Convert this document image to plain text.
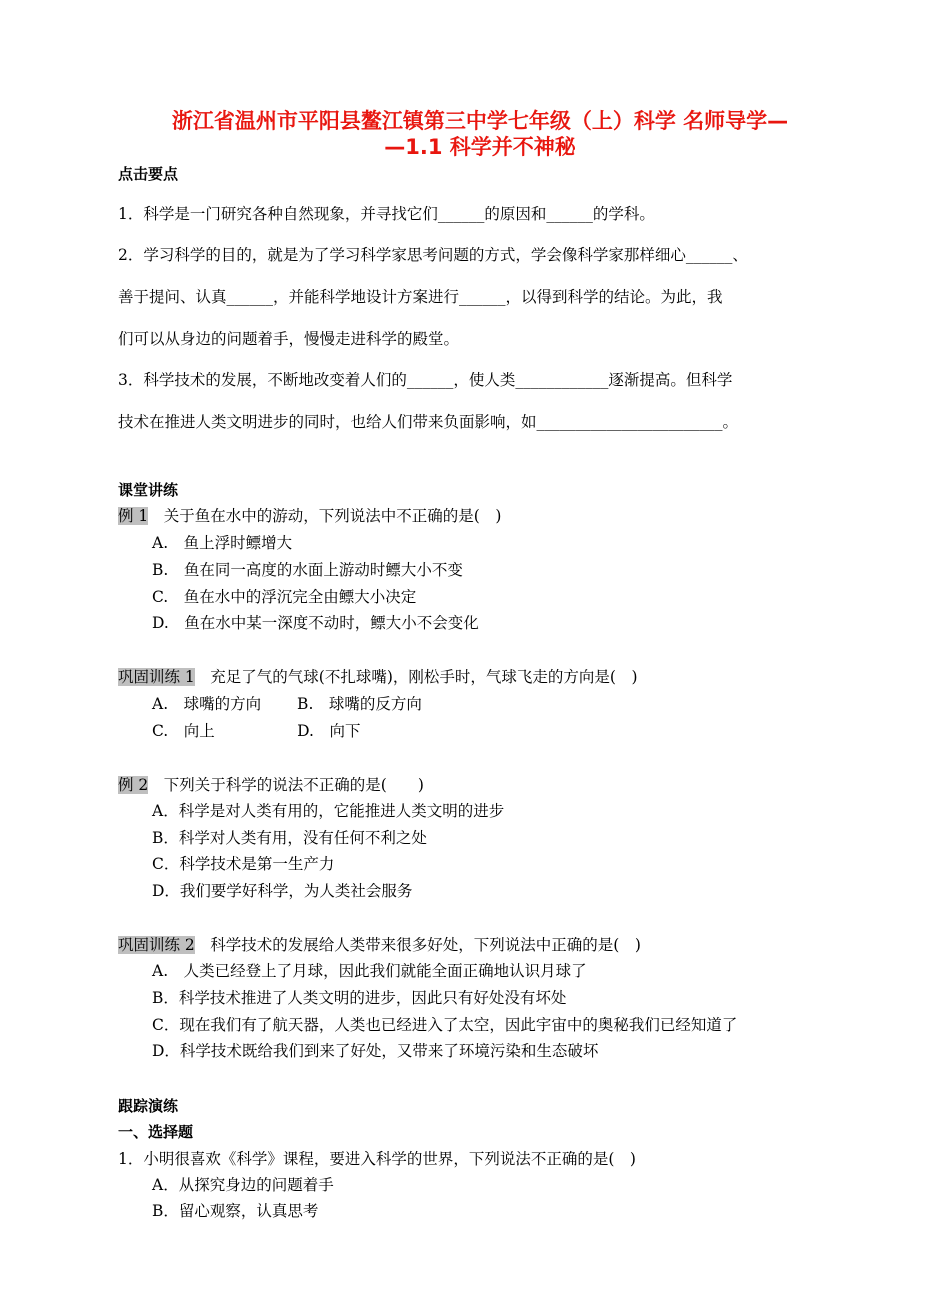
浙江省温州市平阳县鳌江镇第三中学七年级（上）科学 名师导学—
—1.1 科学并不神秘
点击要点
1．科学是一门研究各种自然现象，并寻找它们______的原因和______的学科。
2．学习科学的目的，就是为了学习科学家思考问题的方式，学会像科学家那样细心______、
善于提问、认真______，并能科学地设计方案进行______，以得到科学的结论。为此，我
们可以从身边的问题着手，慢慢走进科学的殿堂。
3．科学技术的发展，不断地改变着人们的______，使人类____________逐渐提高。但科学
技术在推进人类文明进步的同时，也给人们带来负面影响，如________________________。
课堂讲练
例 1　关于鱼在水中的游动，下列说法中不正确的是(　)
A.　鱼上浮时鳔增大
B.　鱼在同一高度的水面上游动时鳔大小不变
C.　鱼在水中的浮沉完全由鳔大小决定
D.　鱼在水中某一深度不动时，鳔大小不会变化
巩固训练 1　充足了气的气球(不扎球嘴)，刚松手时，气球飞走的方向是(　)
A.　球嘴的方向　　 B.　球嘴的反方向
C.　向上　　　　　 D.　向下
例 2　下列关于科学的说法不正确的是(　　)
A．科学是对人类有用的，它能推进人类文明的进步
B．科学对人类有用，没有任何不利之处
C．科学技术是第一生产力
D．我们要学好科学，为人类社会服务
巩固训练 2　科学技术的发展给人类带来很多好处，下列说法中正确的是(　)
A.　人类已经登上了月球，因此我们就能全面正确地认识月球了
B．科学技术推进了人类文明的进步，因此只有好处没有坏处
C．现在我们有了航天器，人类也已经进入了太空，因此宇宙中的奥秘我们已经知道了
D．科学技术既给我们到来了好处，又带来了环境污染和生态破坏
跟踪演练
一、选择题
1．小明很喜欢《科学》课程，要进入科学的世界，下列说法不正确的是(　)
A．从探究身边的问题着手
B．留心观察，认真思考
